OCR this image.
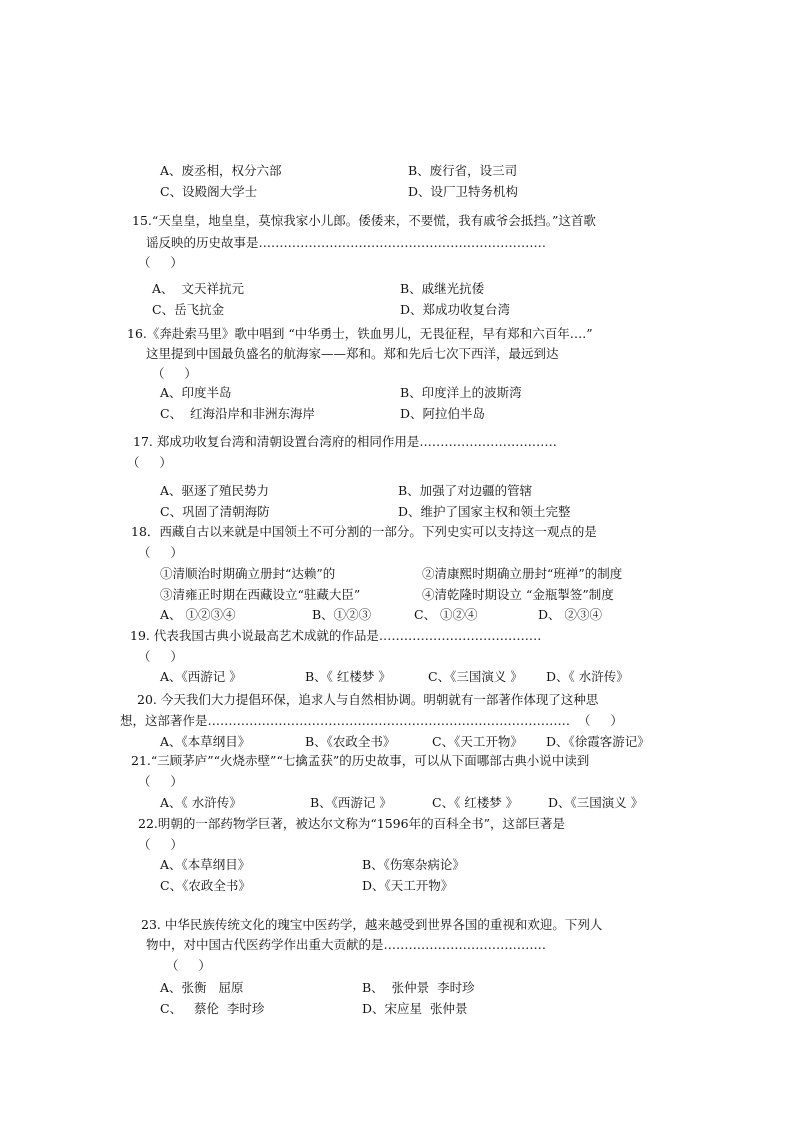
A、废丞相，权分六部	B、废行省，设三司
C、设殿阁大学士	D、设厂卫特务机构
15.“天皇皇，地皇皇，莫惊我家小儿郎。倭倭来，不要慌，我有戚爷会抵挡。”这首歌
谣反映的历史故事是……………………………………………………………
（     ）
A、  文天祥抗元	B、戚继光抗倭
C、岳飞抗金	D、郑成功收复台湾
16.《奔赴索马里》歌中唱到 “中华勇士，铁血男儿，无畏征程，早有郑和六百年….”
这里提到中国最负盛名的航海家——郑和。郑和先后七次下西洋，最远到达
（     ）
A、印度半岛	B、印度洋上的波斯湾
C、  红海沿岸和非洲东海岸	D、阿拉伯半岛
17. 郑成功收复台湾和清朝设置台湾府的相同作用是……………………………
（     ）
A、驱逐了殖民势力	B、加强了对边疆的管辖
C、巩固了清朝海防	D、维护了国家主权和领土完整
18．西藏自古以来就是中国领土不可分割的一部分。下列史实可以支持这一观点的是
（     ）
①清顺治时期确立册封“达赖”的	②清康熙时期确立册封“班禅”的制度
③清雍正时期在西藏设立“驻藏大臣”	④清乾隆时期设立 “金瓶掣签”制度
A、 ①②③④	B、①②③	C、 ①②④	D、 ②③④
19. 代表我国古典小说最高艺术成就的作品是…………………………………
（     ）
A、《西游记 》	B、《 红楼梦 》	C、《三国演义 》 D、《 水浒传》
20. 今天我们大力提倡环保，追求人与自然相协调。明朝就有一部著作体现了这种思
想，这部著作是……………………………………………………………………………  （     ）
A、《本草纲目》	B、《农政全书》	C、《天工开物》 D、《徐霞客游记》
21.“三顾茅庐”“火烧赤壁”“七擒孟获”的历史故事，可以从下面哪部古典小说中读到
（     ）
A、《 水浒传》	B、《西游记 》	C、《 红楼梦 》 D、《三国演义 》
22.明朝的一部药物学巨著，被达尔文称为“1596年的百科全书”，这部巨著是
（     ）
A、《本草纲目》	B、《伤寒杂病论》
C、《农政全书》	D、《天工开物》
23. 中华民族传统文化的瑰宝中医药学，越来越受到世界各国的重视和欢迎。下列人
物中，对中国古代医药学作出重大贡献的是…………………………………
（     ）
A、张衡   屈原	B、  张仲景  李时珍
C、   蔡伦  李时珍	D、宋应星  张仲景
